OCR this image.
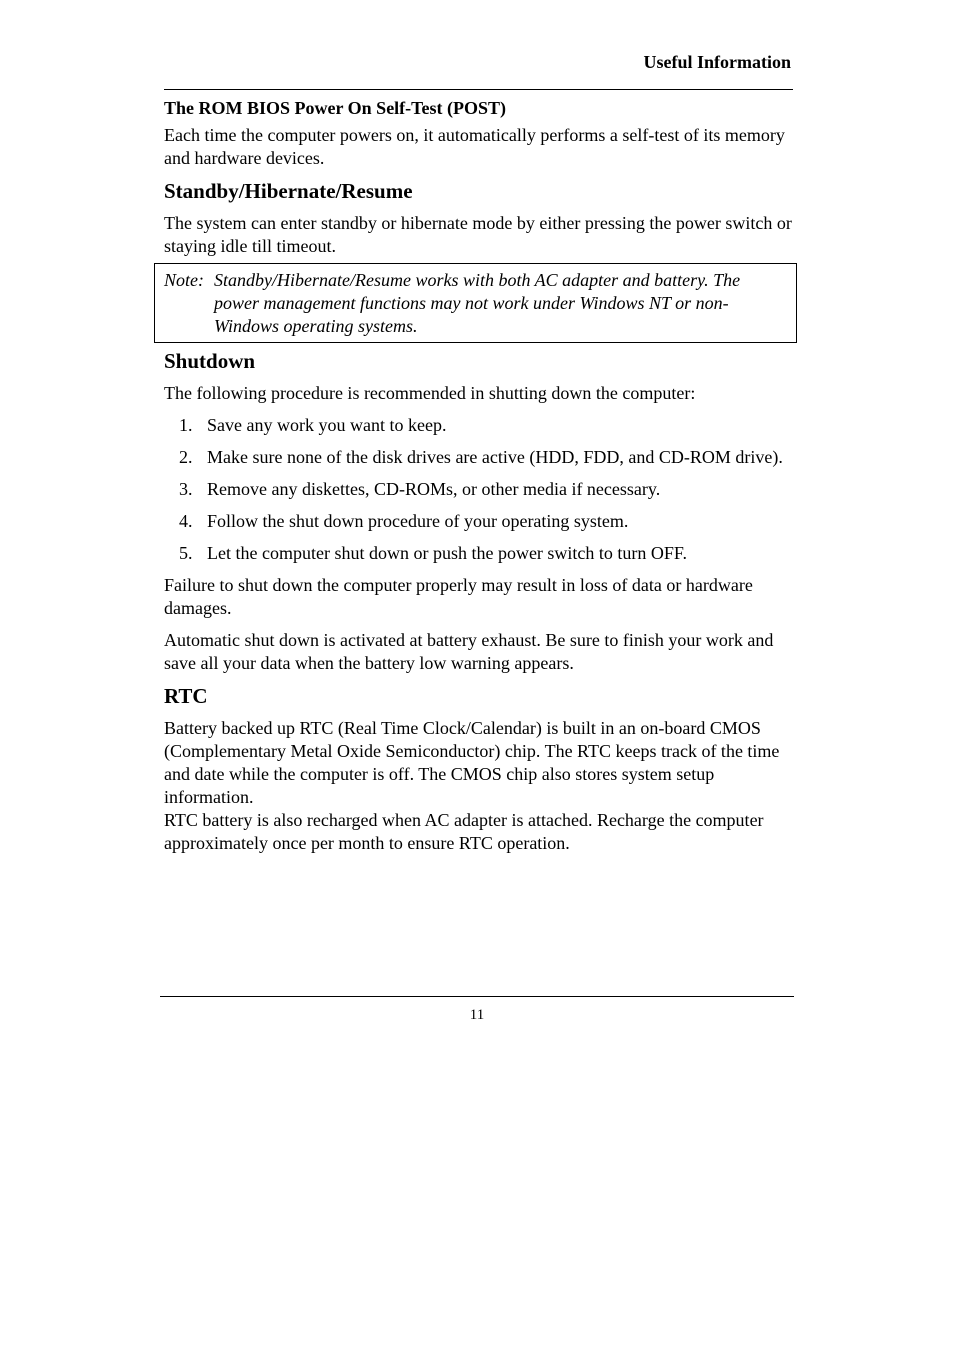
Useful Information
The ROM BIOS Power On Self-Test (POST)

Each time the computer powers on, it automatically performs a self-test of its memory and hardware devices.

Standby/Hibernate/Resume

The system can enter standby or hibernate mode by either pressing the power switch or staying idle till timeout.

Note: Standby/Hibernate/Resume works with both AC adapter and battery. The power management functions may not work under Windows NT or non-Windows operating systems.
Shutdown

The following procedure is recommended in shutting down the computer:

1. Save any work you want to keep.
2. Make sure none of the disk drives are active (HDD, FDD, and CD-ROM drive).
3. Remove any diskettes, CD-ROMs, or other media if necessary.
4. Follow the shut down procedure of your operating system.
5. Let the computer shut down or push the power switch to turn OFF.

Failure to shut down the computer properly may result in loss of data or hardware damages.

Automatic shut down is activated at battery exhaust. Be sure to finish your work and save all your data when the battery low warning appears.

RTC

Battery backed up RTC (Real Time Clock/Calendar) is built in an on-board CMOS (Complementary Metal Oxide Semiconductor) chip. The RTC keeps track of the time and date while the computer is off. The CMOS chip also stores system setup information.

RTC battery is also recharged when AC adapter is attached. Recharge the computer approximately once per month to ensure RTC operation.

11
